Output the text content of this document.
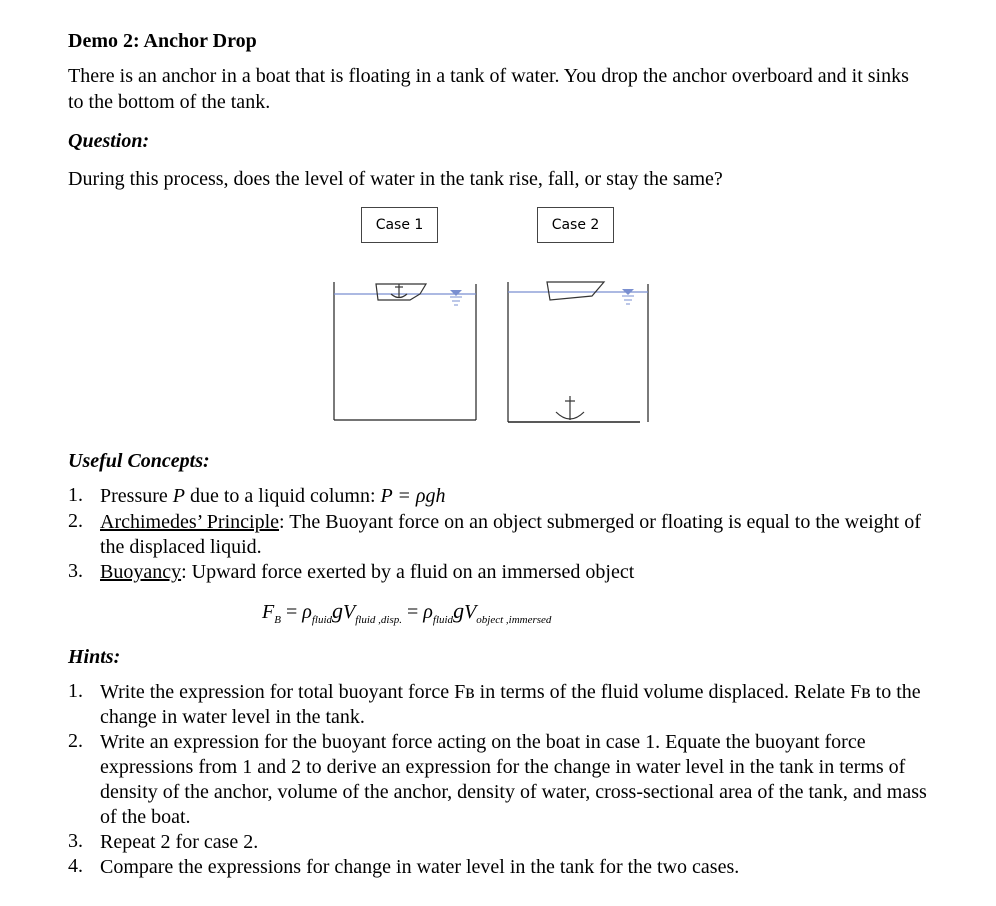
Demo 2: Anchor Drop
There is an anchor in a boat that is floating in a tank of water. You drop the anchor overboard and it sinks to the bottom of the tank.
Question:
During this process, does the level of water in the tank rise, fall, or stay the same?
Case 1	Case 2
Useful Concepts:
1. Pressure P due to a liquid column: P = ρgh
2. Archimedes’ Principle: The Buoyant force on an object submerged or floating is equal to the weight of the displaced liquid.
3. Buoyancy: Upward force exerted by a fluid on an immersed object
$F_B = \rho_{fluid}gV_{fluid ,disp.} = \rho_{fluid}gV_{object ,immersed}$
Hints:
1. Write the expression for total buoyant force Fʙ in terms of the fluid volume displaced. Relate Fʙ to the change in water level in the tank.
2. Write an expression for the buoyant force acting on the boat in case 1. Equate the buoyant force expressions from 1 and 2 to derive an expression for the change in water level in the tank in terms of density of the anchor, volume of the anchor, density of water, cross-sectional area of the tank, and mass of the boat.
3. Repeat 2 for case 2.
4. Compare the expressions for change in water level in the tank for the two cases.
